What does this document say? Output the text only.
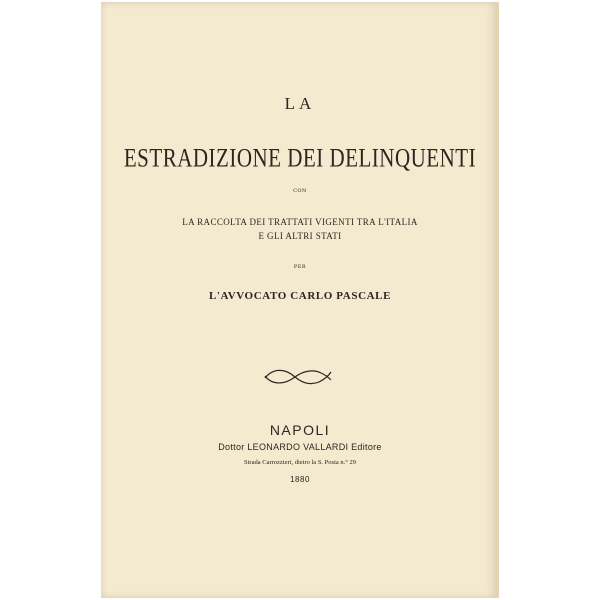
LA
ESTRADIZIONE DEI DELINQUENTI
CON
LA RACCOLTA DEI TRATTATI VIGENTI TRA L'ITALIA
E GLI ALTRI STATI
PER
L'AVVOCATO CARLO PASCALE
NAPOLI
Dottor LEONARDO VALLARDI Editore
Strada Carrozzieri, dietro la S. Posta n.° 29
1880
